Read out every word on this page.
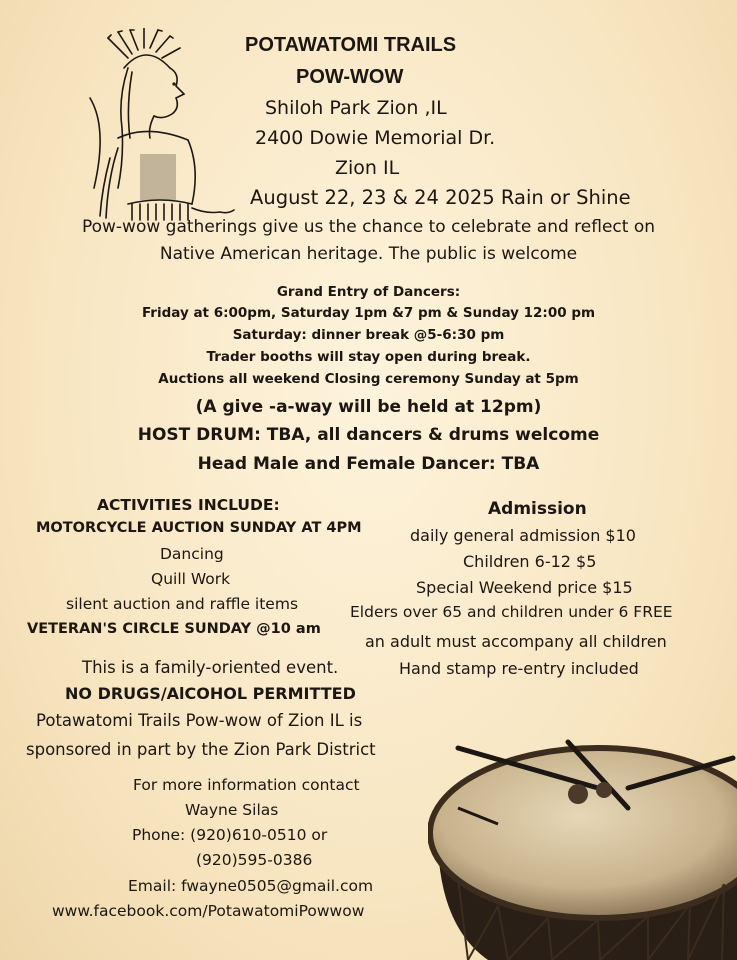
POTAWATOMI TRAILS
POW-WOW
Shiloh Park Zion ,IL
2400 Dowie Memorial Dr.
Zion IL
August 22, 23 & 24 2025 Rain or Shine
Pow-wow gatherings give us the chance to celebrate and reflect on
Native American heritage. The public is welcome
Grand Entry of Dancers:
Friday at 6:00pm, Saturday 1pm &7 pm & Sunday 12:00 pm
Saturday: dinner break @5-6:30 pm
Trader booths will stay open during break.
Auctions all weekend Closing ceremony Sunday at 5pm
(A give -a-way will be held at 12pm)
HOST DRUM: TBA, all dancers & drums welcome
Head Male and Female Dancer: TBA
ACTIVITIES INCLUDE:
MOTORCYCLE AUCTION SUNDAY AT 4PM
Dancing
Quill Work
silent auction and raffle items
VETERAN'S CIRCLE SUNDAY @10 am
This is a family-oriented event.
NO DRUGS/AlCOHOL PERMITTED
Potawatomi Trails Pow-wow of Zion IL is
sponsored in part by the Zion Park District
Admission
daily general admission $10
Children 6-12 $5
Special Weekend price $15
Elders over 65 and children under 6 FREE
an adult must accompany all children
Hand stamp re-entry included
For more information contact
Wayne Silas
Phone: (920)610-0510 or
(920)595-0386
Email: fwayne0505@gmail.com
www.facebook.com/PotawatomiPowwow
